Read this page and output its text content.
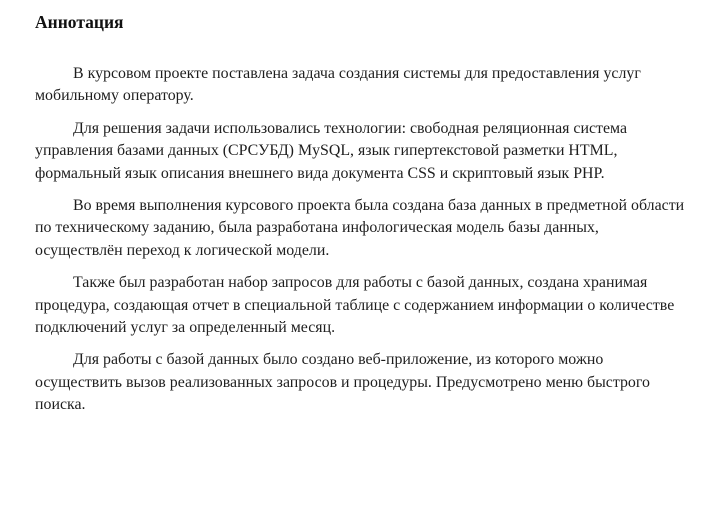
Аннотация

В курсовом проекте поставлена задача создания системы для предоставления услуг мобильному оператору.

Для решения задачи использовались технологии: свободная реляционная система управления базами данных (СРСУБД) MySQL, язык гипертекстовой разметки HTML, формальный язык описания внешнего вида документа CSS и скриптовый язык PHP.

Во время выполнения курсового проекта была создана база данных в предметной области по техническому заданию, была разработана инфологическая модель базы данных, осуществлён переход к логической модели.

Также был разработан набор запросов для работы с базой данных, создана хранимая процедура, создающая отчет в специальной таблице с содержанием информации о количестве подключений услуг за определенный месяц.

Для работы с базой данных было создано веб-приложение, из которого можно осуществить вызов реализованных запросов и процедуры. Предусмотрено меню быстрого поиска.
